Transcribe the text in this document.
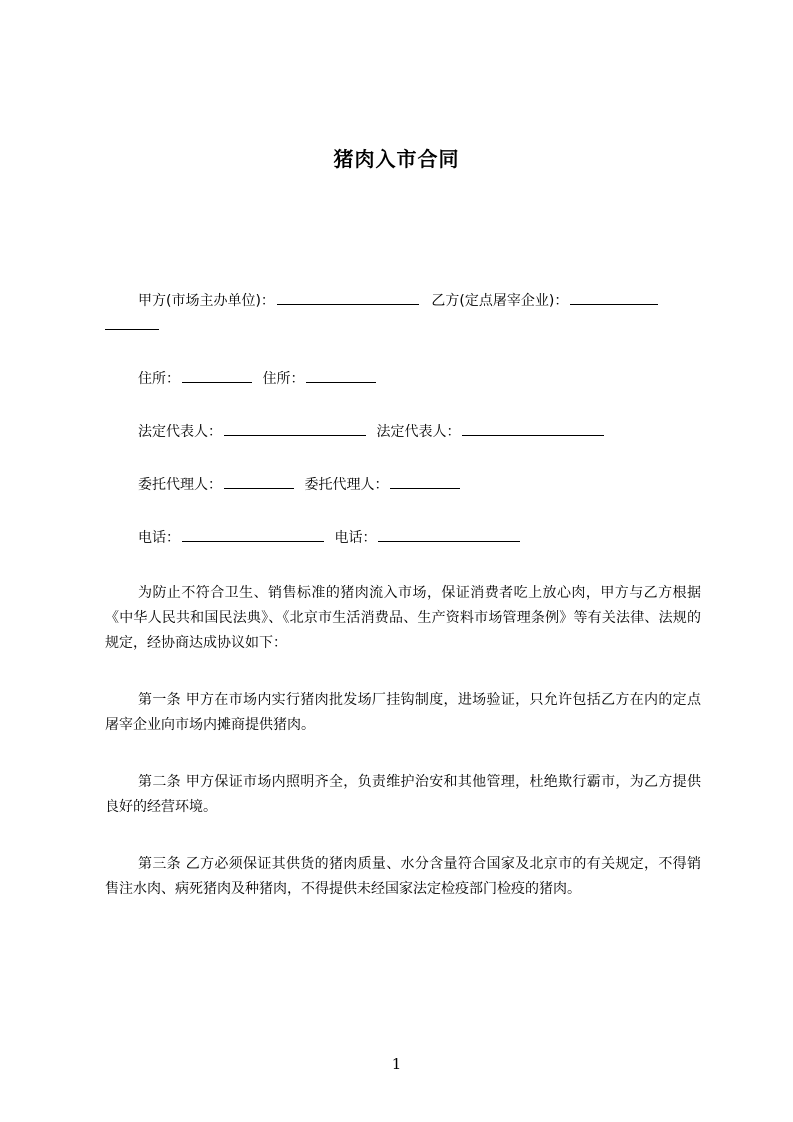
猪肉入市合同
甲方(市场主办单位)：	乙方(定点屠宰企业)：
住所：	住所：
法定代表人：	法定代表人：
委托代理人：	委托代理人：
电话：	电话：

为防止不符合卫生、销售标准的猪肉流入市场，保证消费者吃上放心肉，甲方与乙方根据《中华人民共和国民法典》、《北京市生活消费品、生产资料市场管理条例》等有关法律、法规的规定，经协商达成协议如下：

第一条 甲方在市场内实行猪肉批发场厂挂钩制度，进场验证，只允许包括乙方在内的定点屠宰企业向市场内摊商提供猪肉。

第二条 甲方保证市场内照明齐全，负责维护治安和其他管理，杜绝欺行霸市，为乙方提供良好的经营环境。

第三条 乙方必须保证其供货的猪肉质量、水分含量符合国家及北京市的有关规定，不得销售注水肉、病死猪肉及种猪肉，不得提供未经国家法定检疫部门检疫的猪肉。

1
